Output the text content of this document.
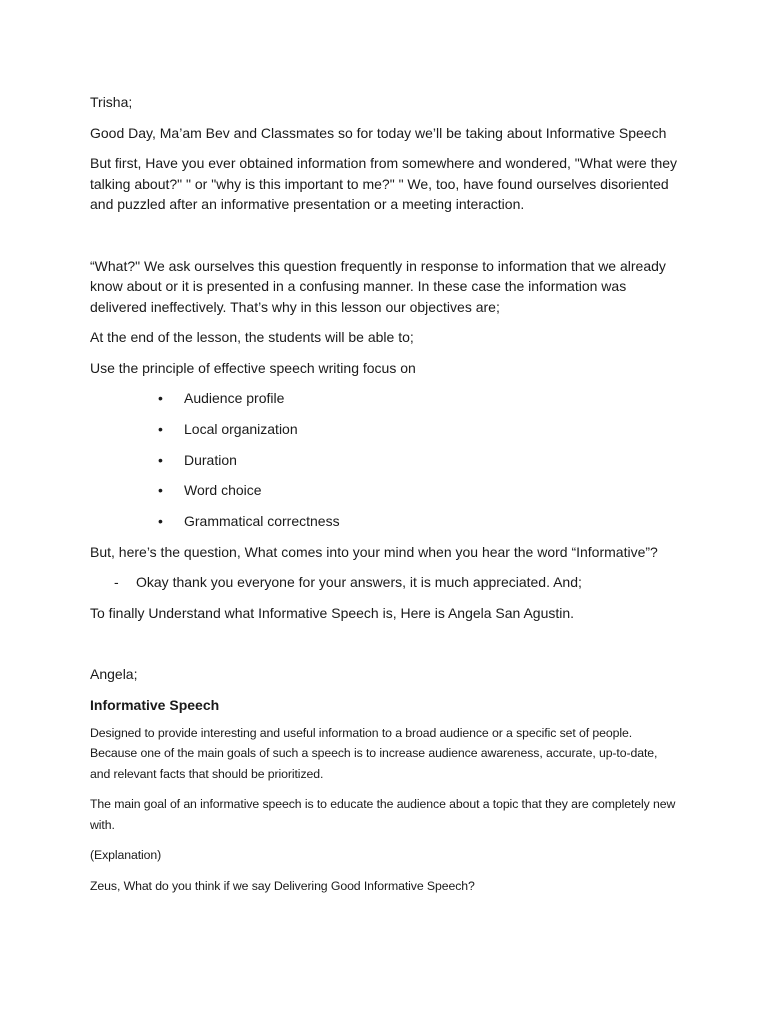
Trisha;

Good Day, Ma’am Bev and Classmates so for today we’ll be taking about Informative Speech

But first, Have you ever obtained information from somewhere and wondered, "What were they talking about?" " or "why is this important to me?" " We, too, have found ourselves disoriented and puzzled after an informative presentation or a meeting interaction.

“What?" We ask ourselves this question frequently in response to information that we already know about or it is presented in a confusing manner. In these case the information was delivered ineffectively. That’s why in this lesson our objectives are;

At the end of the lesson, the students will be able to;

Use the principle of effective speech writing focus on

• Audience profile
• Local organization
• Duration
• Word choice
• Grammatical correctness

But, here’s the question, What comes into your mind when you hear the word “Informative”?

- Okay thank you everyone for your answers, it is much appreciated. And;

To finally Understand what Informative Speech is, Here is Angela San Agustin.

Angela;

Informative Speech

Designed to provide interesting and useful information to a broad audience or a specific set of people. Because one of the main goals of such a speech is to increase audience awareness, accurate, up-to-date, and relevant facts that should be prioritized.

The main goal of an informative speech is to educate the audience about a topic that they are completely new with.

(Explanation)

Zeus, What do you think if we say Delivering Good Informative Speech?
